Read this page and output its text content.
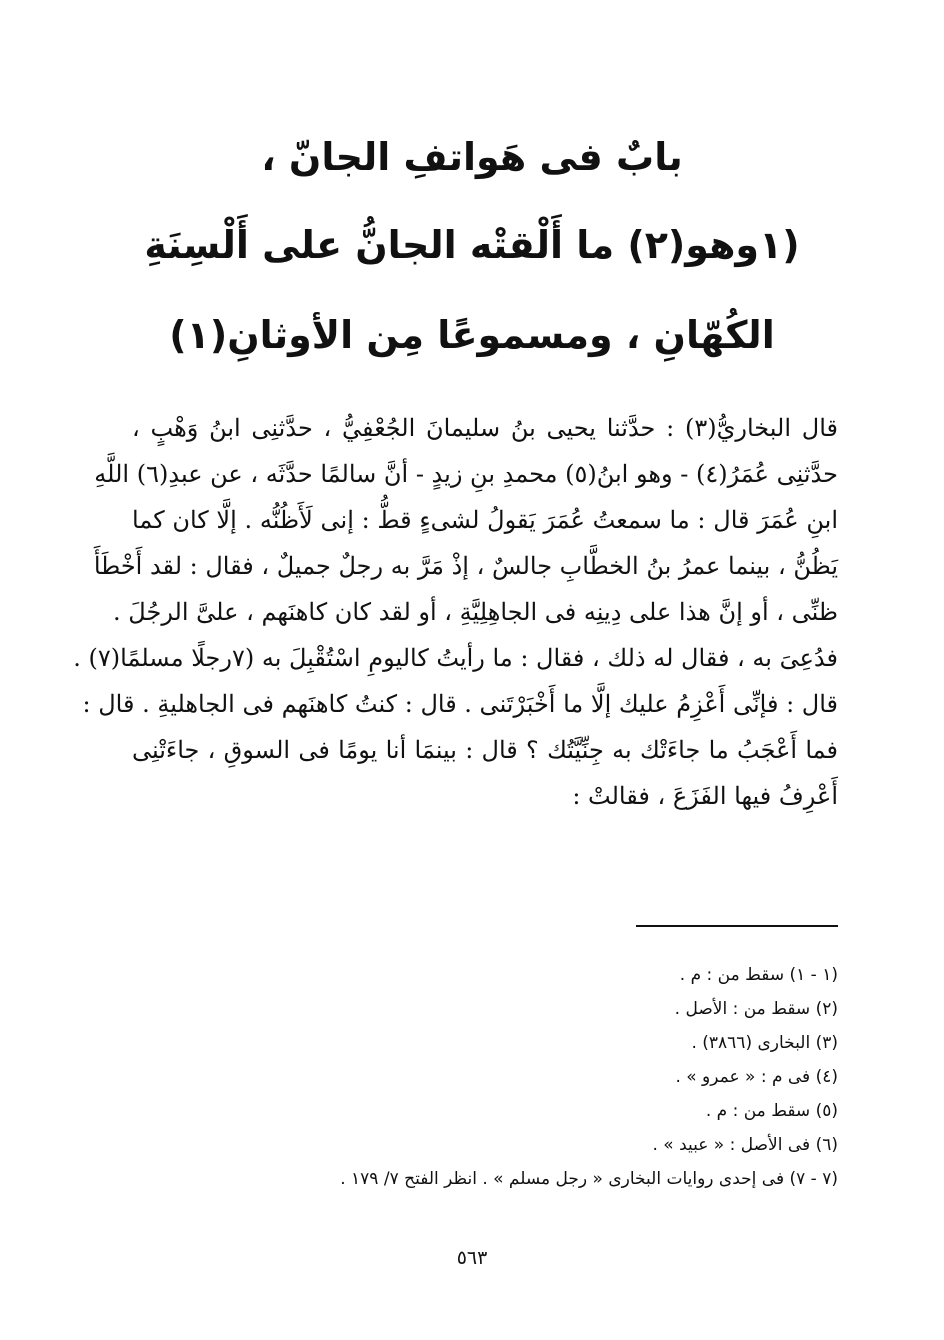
بابٌ فى هَواتفِ الجانّ ،
(١وهو(٢) ما أَلْقتْه الجانُّ على أَلْسِنَةِ
الكُهّانِ ، ومسموعًا مِن الأوثانِ(١)
قال البخاريُّ(٣) : حدَّثنا يحيى بنُ سليمانَ الجُعْفِيُّ ، حدَّثنِى ابنُ وَهْبٍ ،
حدَّثنِى عُمَرُ(٤) - وهو ابنُ(٥) محمدِ بنِ زيدٍ - أنَّ سالمًا حدَّثَه ، عن عبدِ(٦) اللَّهِ
ابنِ عُمَرَ قال : ما سمعتُ عُمَرَ يَقولُ لشىءٍ قطُّ : إنى لَأَظُنُّه . إلَّا كان كما
يَظُنُّ ، بينما عمرُ بنُ الخطَّابِ جالسٌ ، إذْ مَرَّ به رجلٌ جميلٌ ، فقال : لقد أَخْطَأَ
ظنِّى ، أو إنَّ هذا على دِينِه فى الجاهِلِيَّةِ ، أو لقد كان كاهنَهم ، علىَّ الرجُلَ .
فدُعِىَ به ، فقال له ذلك ، فقال : ما رأيتُ كاليومِ اسْتُقْبِلَ به (٧رجلًا مسلمًا(٧) .
قال : فإنِّى أَعْزِمُ عليك إلَّا ما أَخْبَرْتَنى . قال : كنتُ كاهنَهم فى الجاهليةِ . قال :
فما أَعْجَبُ ما جاءَتْك به جِنِّيَّتُك ؟ قال : بينمَا أنا يومًا فى السوقِ ، جاءَتْنِى
أَعْرِفُ فيها الفَزَعَ ، فقالتْ :
(١ - ١) سقط من : م .
(٢) سقط من : الأصل .
(٣) البخارى (٣٨٦٦) .
(٤) فى م : « عمرو » .
(٥) سقط من : م .
(٦) فى الأصل : « عبيد » .
(٧ - ٧) فى إحدى روايات البخارى « رجل مسلم » . انظر الفتح ٧/ ١٧٩ .
٥٦٣
